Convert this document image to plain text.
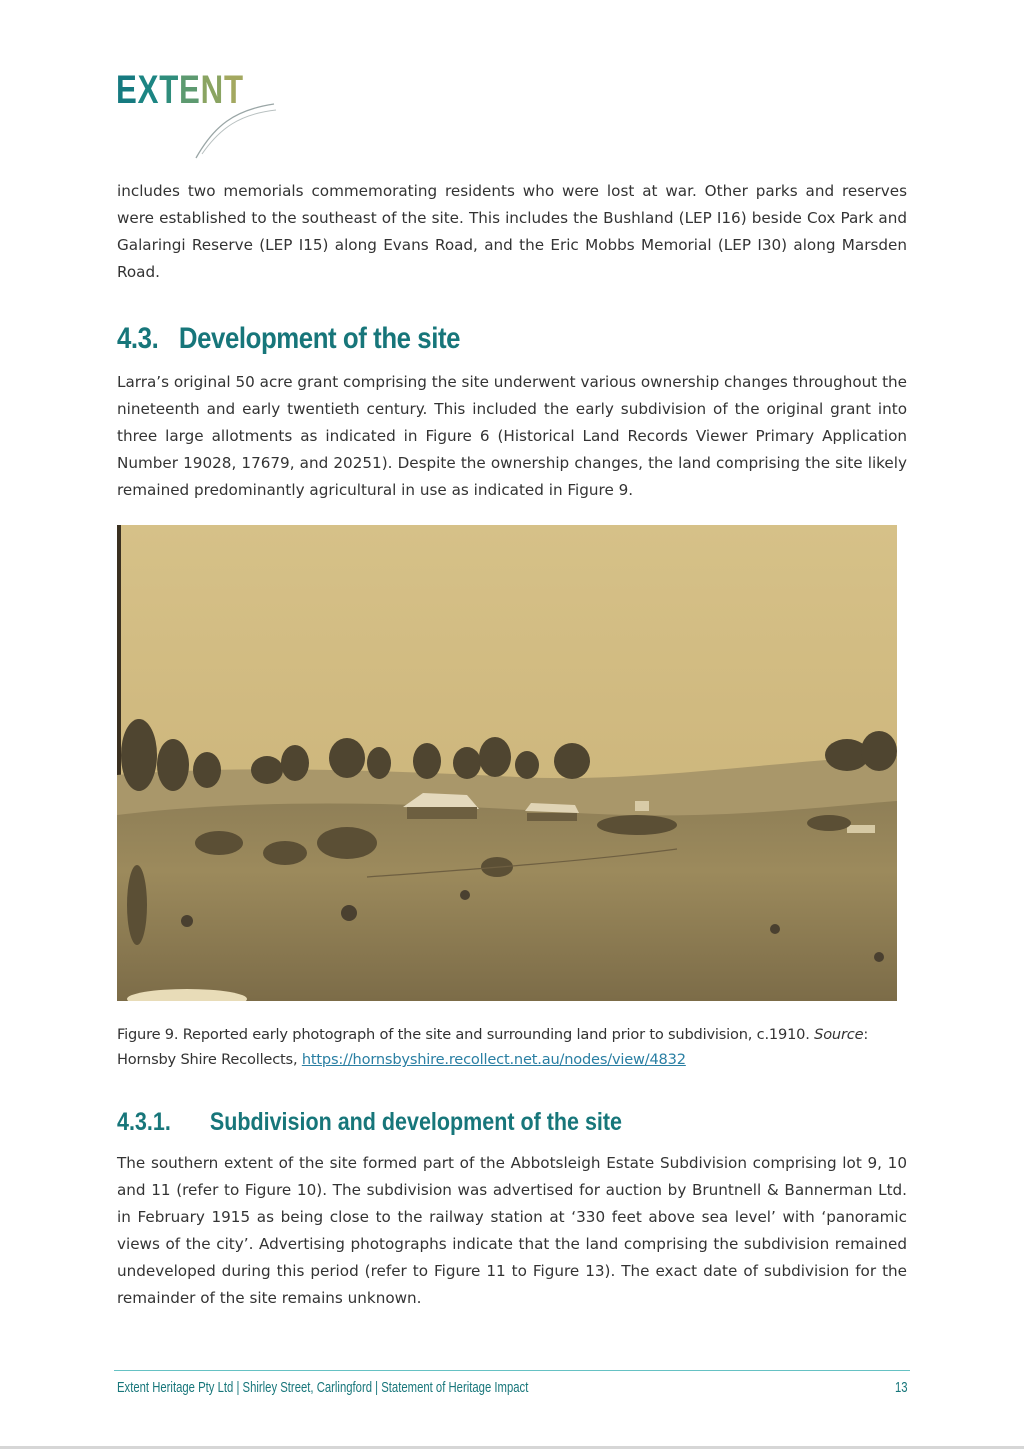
EXTENT

includes two memorials commemorating residents who were lost at war. Other parks and reserves were established to the southeast of the site. This includes the Bushland (LEP I16) beside Cox Park and Galaringi Reserve (LEP I15) along Evans Road, and the Eric Mobbs Memorial (LEP I30) along Marsden Road.

4.3. Development of the site

Larra’s original 50 acre grant comprising the site underwent various ownership changes throughout the nineteenth and early twentieth century. This included the early subdivision of the original grant into three large allotments as indicated in Figure 6 (Historical Land Records Viewer Primary Application Number 19028, 17679, and 20251). Despite the ownership changes, the land comprising the site likely remained predominantly agricultural in use as indicated in Figure 9.

Figure 9. Reported early photograph of the site and surrounding land prior to subdivision, c.1910. Source:
Hornsby Shire Recollects, https://hornsbyshire.recollect.net.au/nodes/view/4832

4.3.1. Subdivision and development of the site

The southern extent of the site formed part of the Abbotsleigh Estate Subdivision comprising lot 9, 10 and 11 (refer to Figure 10). The subdivision was advertised for auction by Bruntnell & Bannerman Ltd. in February 1915 as being close to the railway station at ‘330 feet above sea level’ with ‘panoramic views of the city’. Advertising photographs indicate that the land comprising the subdivision remained undeveloped during this period (refer to Figure 11 to Figure 13). The exact date of subdivision for the remainder of the site remains unknown.

Extent Heritage Pty Ltd | Shirley Street, Carlingford | Statement of Heritage Impact	13
